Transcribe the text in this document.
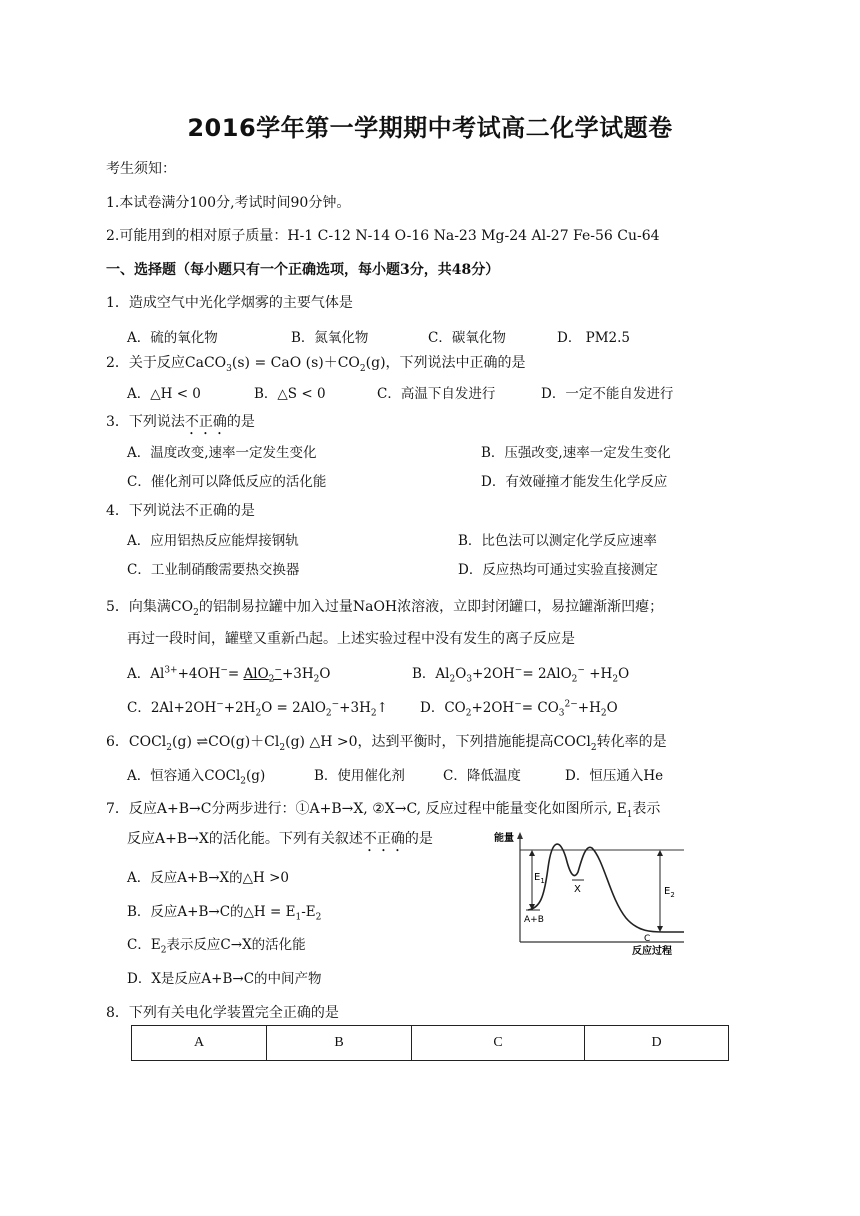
2016学年第一学期期中考试高二化学试题卷
考生须知：
1.本试卷满分100分,考试时间90分钟。
2.可能用到的相对原子质量：H-1 C-12 N-14 O-16 Na-23 Mg-24 Al-27 Fe-56 Cu-64
一、选择题（每小题只有一个正确选项，每小题3分，共48分）
1．造成空气中光化学烟雾的主要气体是
A．硫的氧化物	B．氮氧化物	C．碳氧化物	D． PM2.5
2．关于反应CaCO$_3$(s) = CaO $(s)+CO_2(g)$，下列说法中正确的是
A．△H < 0	B．△S < 0	C．高温下自发进行	D．一定不能自发进行
3．下列说法不正确的是
A．温度改变,速率一定发生变化	B．压强改变,速率一定发生变化
C．催化剂可以降低反应的活化能	D．有效碰撞才能发生化学反应
4．下列说法不正确的是
A．应用铝热反应能焊接钢轨	B．比色法可以测定化学反应速率
C．工业制硝酸需要热交换器	D．反应热均可通过实验直接测定
5．向集满$CO_2$的铝制易拉罐中加入过量NaOH浓溶液，立即封闭罐口，易拉罐渐渐凹瘪；
再过一段时间，罐壁又重新凸起。上述实验过程中没有发生的离子反应是
A．$Al^{3+}+4OH^-= AlO_2^-+3H_2O$	B．$Al_2O_3+2OH^-= 2AlO_2^- +H_2O$
C．$2Al+2OH^-+2H_2O$ = $2AlO_2^-+3H_2↑$ D．$CO_2+2OH^-= CO_3^{2-}+H_2O$
6．COCl$_2$(g) $\rightleftharpoons CO(g)+Cl_2(g)$ △H >0，达到平衡时，下列措施能提高COCl$_2$转化率的是
A．恒容通入COCl$_2$(g)	B．使用催化剂	C．降低温度	D．恒压通入He
7．反应A+B→C分两步进行：①A+B→X, ②X→C, 反应过程中能量变化如图所示, $E_1$表示
反应A+B→X的活化能。下列有关叙述不正确的是
A．反应A+B→X的△H >0
B．反应A+B→C的△H = $E_1-E_2$
C．$E_2$表示反应C→X的活化能
D．X是反应A+B→C的中间产物
能量
$E_1$
$E_2$
X
A+B
C
反应过程
8．下列有关电化学装置完全正确的是
A	B	C	D
